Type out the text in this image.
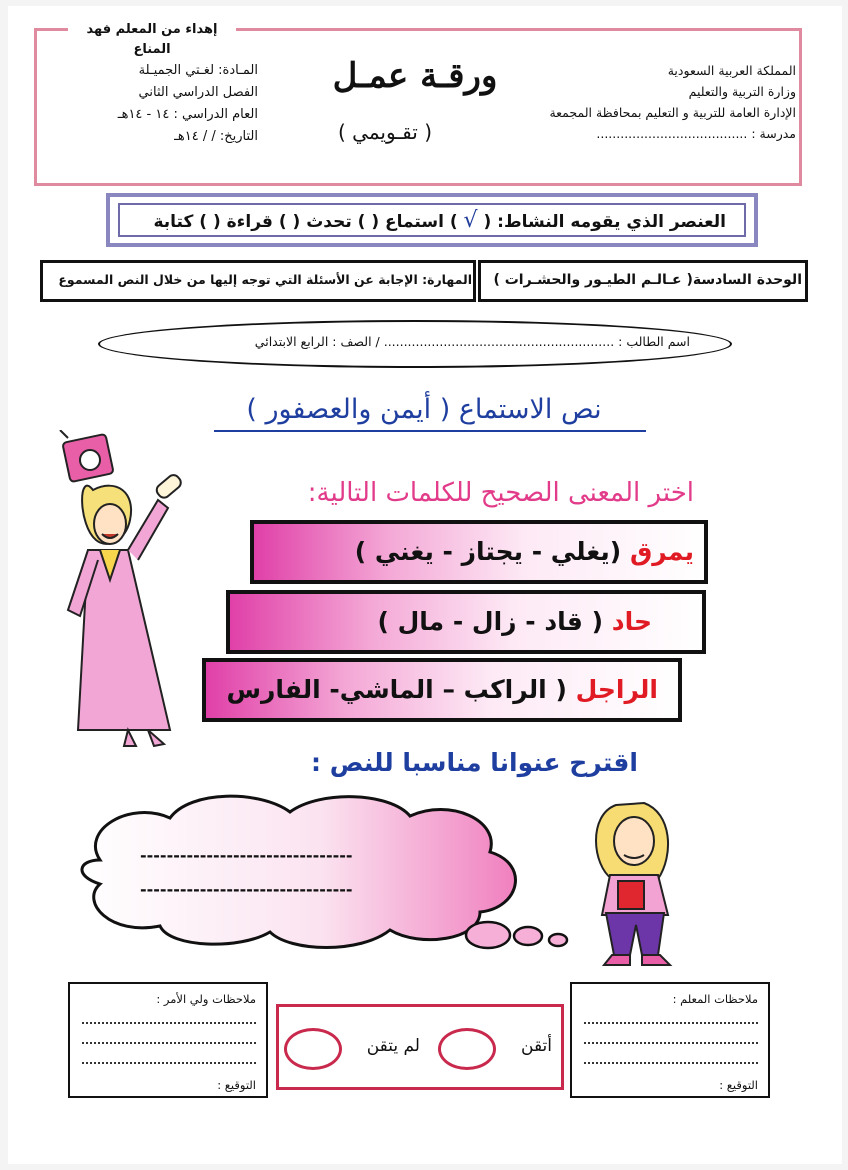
إهداء من المعلم فهد المناع
المملكة العربية السعودية
وزارة التربية والتعليم
الإدارة العامة للتربية و التعليم بمحافظة المجمعة
مدرسة : ......................................
ورقـة عمـل
( تقـويمي )
المـادة: لغـتي الجميـلة
الفصل الدراسي الثاني
العام الدراسي : ١٤ - ١٤هـ
التاريخ: / / ١٤هـ
العنصر الذي يقومه النشاط: ( √ ) استماع ( ) تحدث ( ) قراءة ( ) كتابة
الوحدة السادسة( عـالـم الطيـور والحشـرات )
المهارة: الإجابة عن الأسئلة التي توجه إليها من خلال النص المسموع
اسم الطالب : .......................................................... / الصف : الرابع الابتدائي
نص الاستماع ( أيمن والعصفور )
اختر المعنى الصحيح للكلمات التالية:
يمرق (يغلي - يجتاز - يغني )
حاد ( قاد - زال - مال )
الراجل ( الراكب – الماشي- الفارس
اقترح عنوانا مناسبا للنص :
--------------------------------
--------------------------------
ملاحظات ولي الأمر :
التوقيع :
أتقن
لم يتقن
ملاحظات المعلم :
التوقيع :
